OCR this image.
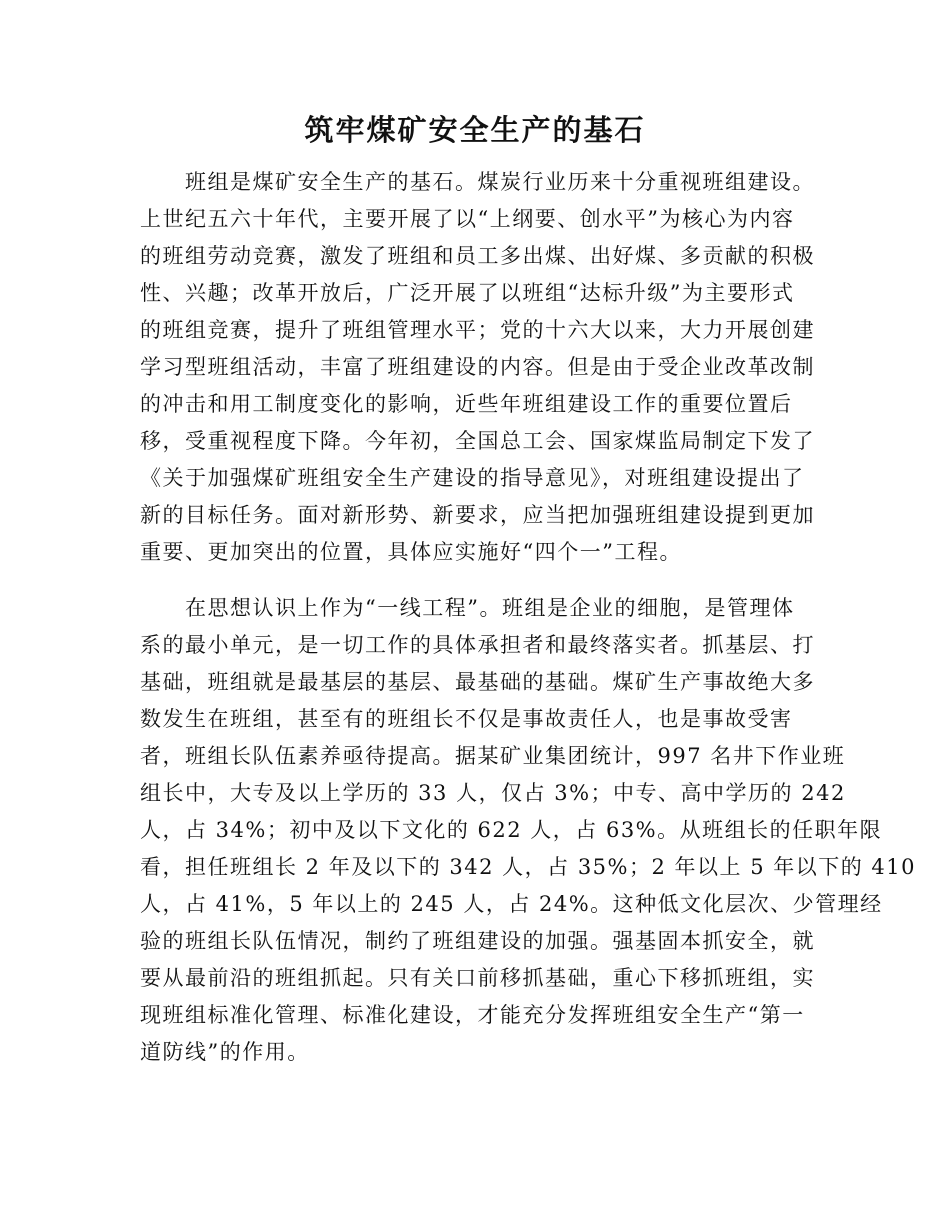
筑牢煤矿安全生产的基石
　　班组是煤矿安全生产的基石。煤炭行业历来十分重视班组建设。
上世纪五六十年代，主要开展了以“上纲要、创水平”为核心为内容
的班组劳动竞赛，激发了班组和员工多出煤、出好煤、多贡献的积极
性、兴趣；改革开放后，广泛开展了以班组“达标升级”为主要形式
的班组竞赛，提升了班组管理水平；党的十六大以来，大力开展创建
学习型班组活动，丰富了班组建设的内容。但是由于受企业改革改制
的冲击和用工制度变化的影响，近些年班组建设工作的重要位置后
移，受重视程度下降。今年初，全国总工会、国家煤监局制定下发了
《关于加强煤矿班组安全生产建设的指导意见》，对班组建设提出了
新的目标任务。面对新形势、新要求，应当把加强班组建设提到更加
重要、更加突出的位置，具体应实施好“四个一”工程。
　　在思想认识上作为“一线工程”。班组是企业的细胞，是管理体
系的最小单元，是一切工作的具体承担者和最终落实者。抓基层、打
基础，班组就是最基层的基层、最基础的基础。煤矿生产事故绝大多
数发生在班组，甚至有的班组长不仅是事故责任人，也是事故受害
者，班组长队伍素养亟待提高。据某矿业集团统计，997 名井下作业班
组长中，大专及以上学历的 33 人，仅占 3%；中专、高中学历的 242
人，占 34%；初中及以下文化的 622 人，占 63%。从班组长的任职年限
看，担任班组长 2 年及以下的 342 人，占 35%；2 年以上 5 年以下的 410
人，占 41%，5 年以上的 245 人，占 24%。这种低文化层次、少管理经
验的班组长队伍情况，制约了班组建设的加强。强基固本抓安全，就
要从最前沿的班组抓起。只有关口前移抓基础，重心下移抓班组，实
现班组标准化管理、标准化建设，才能充分发挥班组安全生产“第一
道防线”的作用。
